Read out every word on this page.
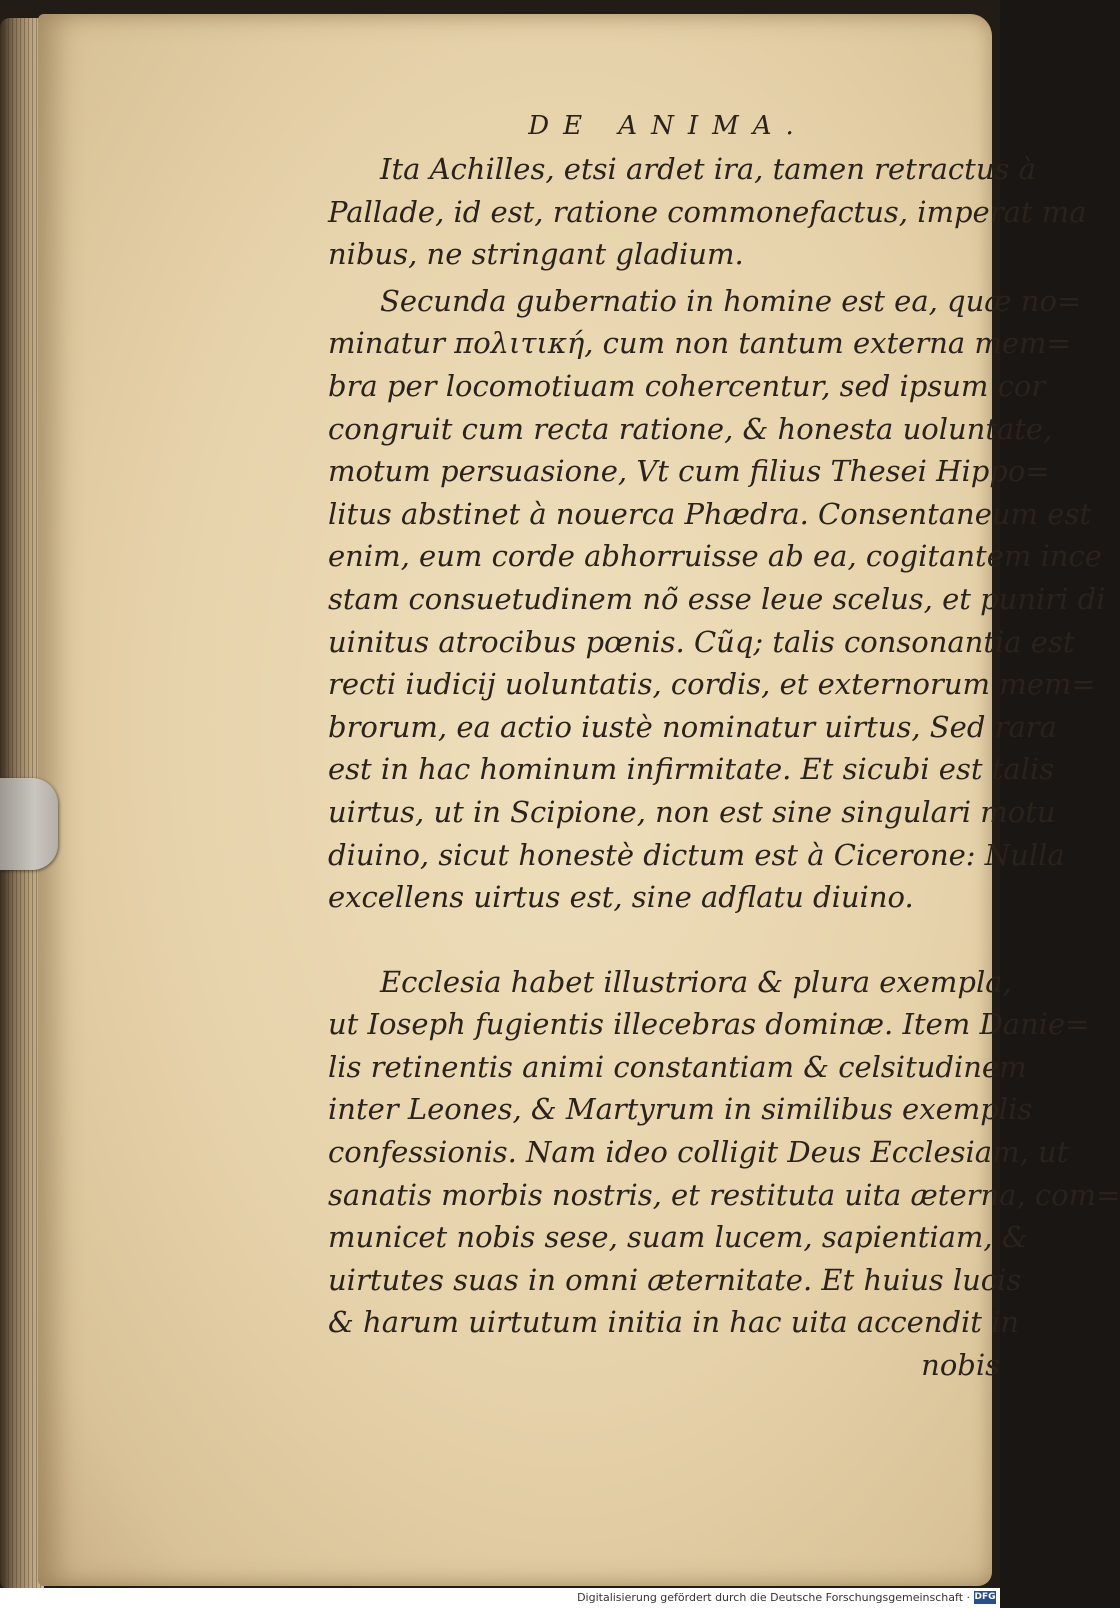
DE ANIMA.
Ita Achilles, etsi ardet ira, tamen retractus à
Pallade, id est, ratione commonefactus, imperat ma
nibus, ne stringant gladium.
Secunda gubernatio in homine est ea, quæ no=
minatur πολιτική, cum non tantum externa mem=
bra per locomotiuam cohercentur, sed ipsum cor
congruit cum recta ratione, & honesta uoluntate,
motum persuasione, Vt cum filius Thesei Hippo=
litus abstinet à nouerca Phædra. Consentaneum est
enim, eum corde abhorruisse ab ea, cogitantem ince
stam consuetudinem nõ esse leue scelus, et puniri di
uinitus atrocibus pœnis. Cũq; talis consonantia est
recti iudicij uoluntatis, cordis, et externorum mem=
brorum, ea actio iustè nominatur uirtus, Sed rara
est in hac hominum infirmitate. Et sicubi est talis
uirtus, ut in Scipione, non est sine singulari motu
diuino, sicut honestè dictum est à Cicerone: Nulla
excellens uirtus est, sine adflatu diuino.
Ecclesia habet illustriora & plura exempla,
ut Ioseph fugientis illecebras dominæ. Item Danie=
lis retinentis animi constantiam & celsitudinem
inter Leones, & Martyrum in similibus exemplis
confessionis. Nam ideo colligit Deus Ecclesiam, ut
sanatis morbis nostris, et restituta uita æterna, com=
municet nobis sese, suam lucem, sapientiam, &
uirtutes suas in omni æternitate. Et huius lucis
& harum uirtutum initia in hac uita accendit in
nobis
Digitalisierung gefördert durch die Deutsche Forschungsgemeinschaft · DFG
